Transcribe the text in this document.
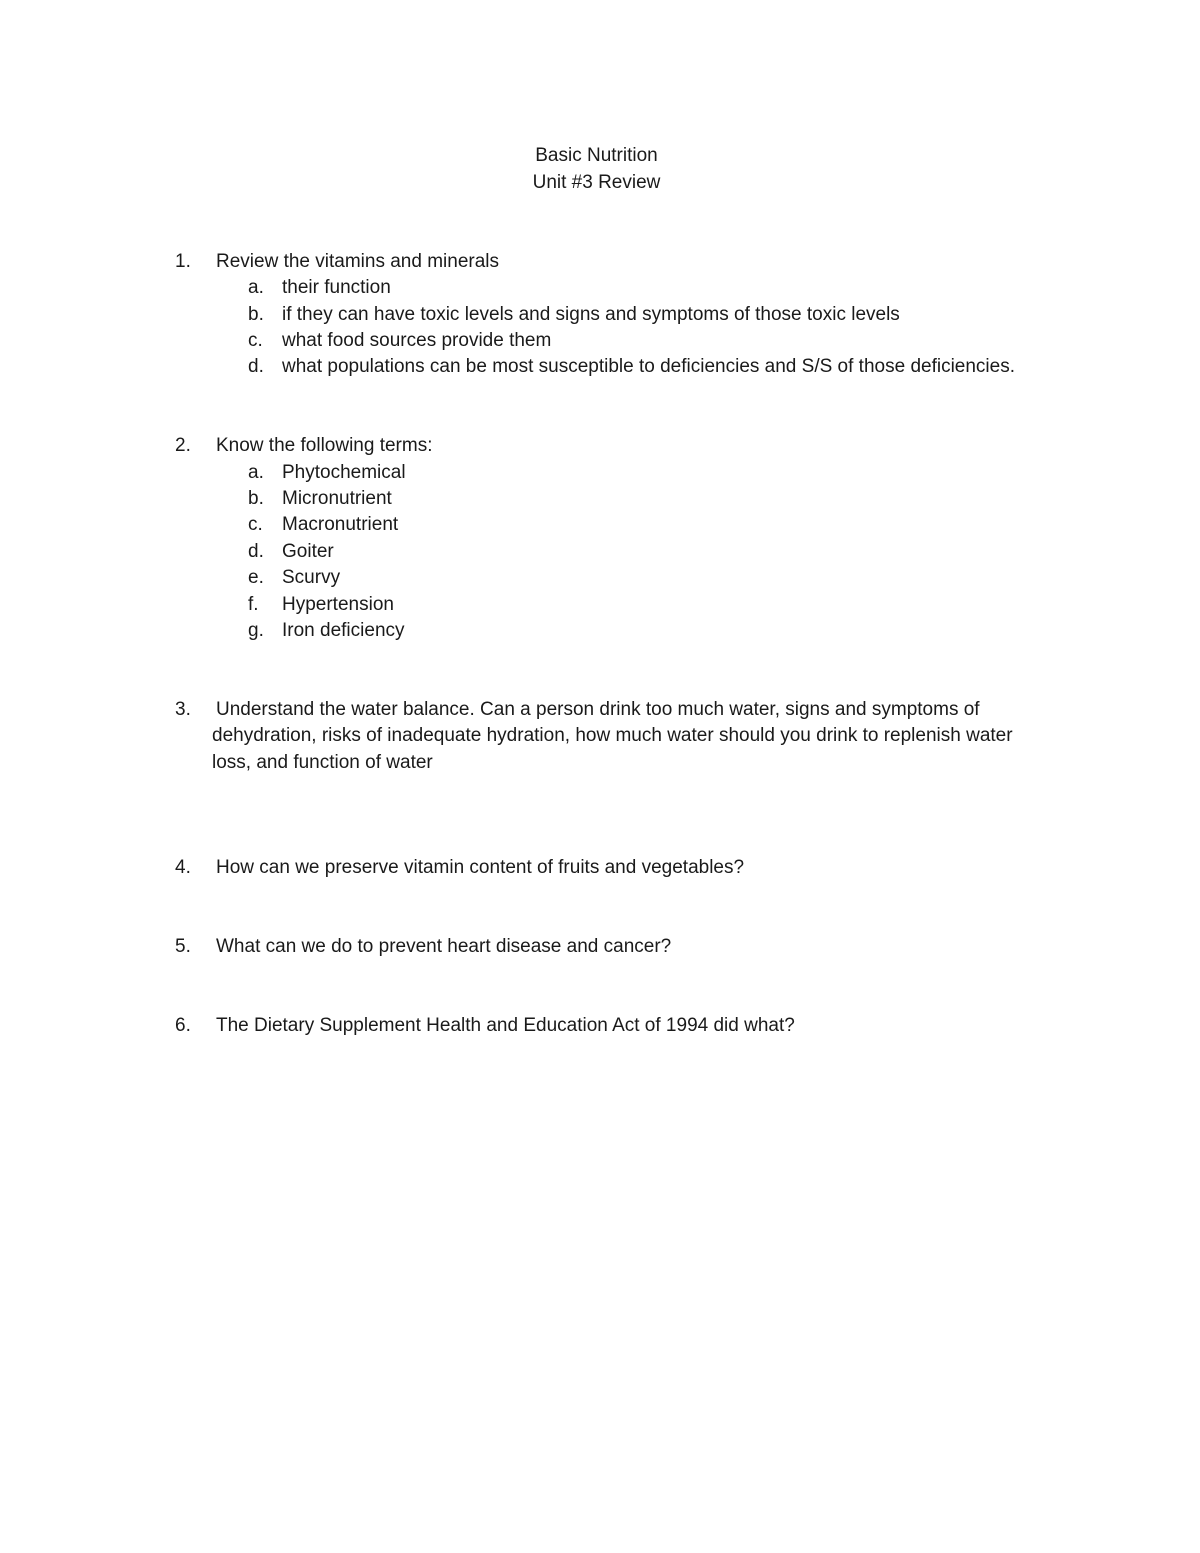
Basic Nutrition
Unit #3 Review
1. Review the vitamins and minerals
a. their function
b. if they can have toxic levels and signs and symptoms of those toxic levels
c. what food sources provide them
d. what populations can be most susceptible to deficiencies and S/S of those deficiencies.
2. Know the following terms:
a. Phytochemical
b. Micronutrient
c. Macronutrient
d. Goiter
e. Scurvy
f. Hypertension
g. Iron deficiency
3. Understand the water balance. Can a person drink too much water, signs and symptoms of
dehydration, risks of inadequate hydration, how much water should you drink to replenish water
loss, and function of water
4. How can we preserve vitamin content of fruits and vegetables?
5. What can we do to prevent heart disease and cancer?
6. The Dietary Supplement Health and Education Act of 1994 did what?
